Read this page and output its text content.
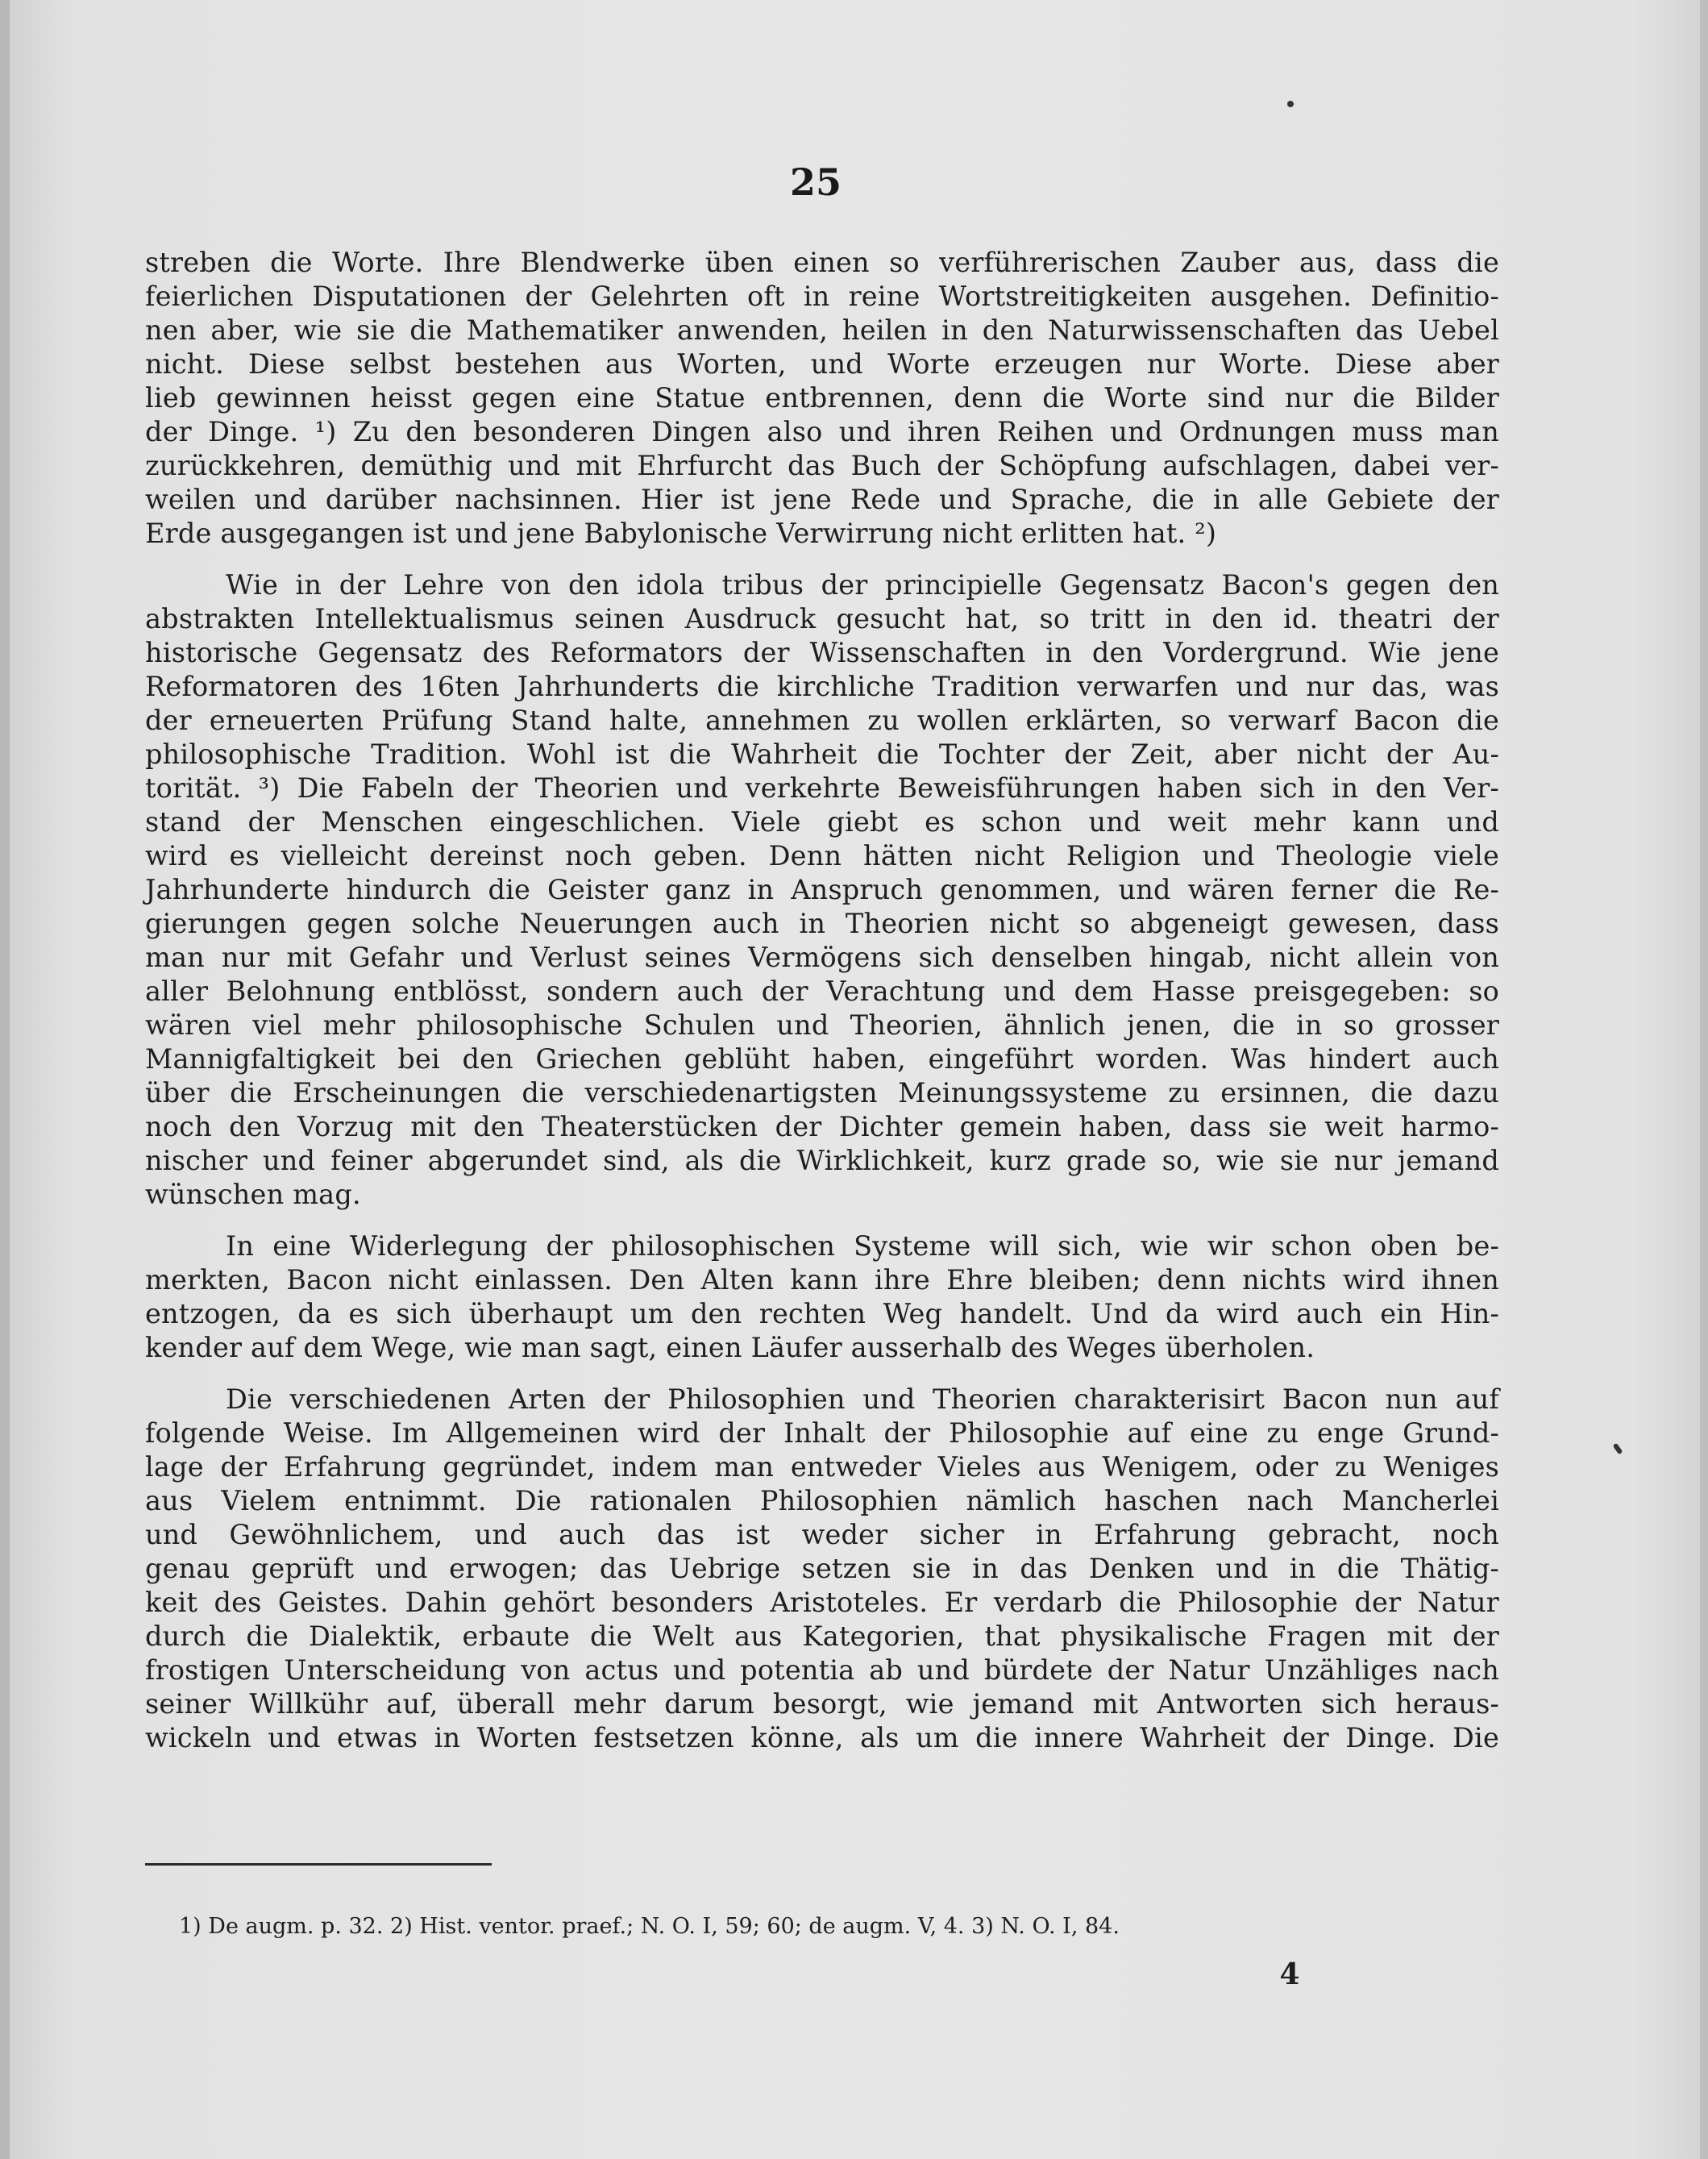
25
streben die Worte. Ihre Blendwerke üben einen so verführerischen Zauber aus, dass die
feierlichen Disputationen der Gelehrten oft in reine Wortstreitigkeiten ausgehen. Definitio-
nen aber, wie sie die Mathematiker anwenden, heilen in den Naturwissenschaften das Uebel
nicht. Diese selbst bestehen aus Worten, und Worte erzeugen nur Worte. Diese aber
lieb gewinnen heisst gegen eine Statue entbrennen, denn die Worte sind nur die Bilder
der Dinge. ¹) Zu den besonderen Dingen also und ihren Reihen und Ordnungen muss man
zurückkehren, demüthig und mit Ehrfurcht das Buch der Schöpfung aufschlagen, dabei ver-
weilen und darüber nachsinnen. Hier ist jene Rede und Sprache, die in alle Gebiete der
Erde ausgegangen ist und jene Babylonische Verwirrung nicht erlitten hat. ²)
Wie in der Lehre von den idola tribus der principielle Gegensatz Bacon's gegen den
abstrakten Intellektualismus seinen Ausdruck gesucht hat, so tritt in den id. theatri der
historische Gegensatz des Reformators der Wissenschaften in den Vordergrund. Wie jene
Reformatoren des 16ten Jahrhunderts die kirchliche Tradition verwarfen und nur das, was
der erneuerten Prüfung Stand halte, annehmen zu wollen erklärten, so verwarf Bacon die
philosophische Tradition. Wohl ist die Wahrheit die Tochter der Zeit, aber nicht der Au-
torität. ³) Die Fabeln der Theorien und verkehrte Beweisführungen haben sich in den Ver-
stand der Menschen eingeschlichen. Viele giebt es schon und weit mehr kann und
wird es vielleicht dereinst noch geben. Denn hätten nicht Religion und Theologie viele
Jahrhunderte hindurch die Geister ganz in Anspruch genommen, und wären ferner die Re-
gierungen gegen solche Neuerungen auch in Theorien nicht so abgeneigt gewesen, dass
man nur mit Gefahr und Verlust seines Vermögens sich denselben hingab, nicht allein von
aller Belohnung entblösst, sondern auch der Verachtung und dem Hasse preisgegeben: so
wären viel mehr philosophische Schulen und Theorien, ähnlich jenen, die in so grosser
Mannigfaltigkeit bei den Griechen geblüht haben, eingeführt worden. Was hindert auch
über die Erscheinungen die verschiedenartigsten Meinungssysteme zu ersinnen, die dazu
noch den Vorzug mit den Theaterstücken der Dichter gemein haben, dass sie weit harmo-
nischer und feiner abgerundet sind, als die Wirklichkeit, kurz grade so, wie sie nur jemand
wünschen mag.
In eine Widerlegung der philosophischen Systeme will sich, wie wir schon oben be-
merkten, Bacon nicht einlassen. Den Alten kann ihre Ehre bleiben; denn nichts wird ihnen
entzogen, da es sich überhaupt um den rechten Weg handelt. Und da wird auch ein Hin-
kender auf dem Wege, wie man sagt, einen Läufer ausserhalb des Weges überholen.
Die verschiedenen Arten der Philosophien und Theorien charakterisirt Bacon nun auf
folgende Weise. Im Allgemeinen wird der Inhalt der Philosophie auf eine zu enge Grund-
lage der Erfahrung gegründet, indem man entweder Vieles aus Wenigem, oder zu Weniges
aus Vielem entnimmt. Die rationalen Philosophien nämlich haschen nach Mancherlei
und Gewöhnlichem, und auch das ist weder sicher in Erfahrung gebracht, noch
genau geprüft und erwogen; das Uebrige setzen sie in das Denken und in die Thätig-
keit des Geistes. Dahin gehört besonders Aristoteles. Er verdarb die Philosophie der Natur
durch die Dialektik, erbaute die Welt aus Kategorien, that physikalische Fragen mit der
frostigen Unterscheidung von actus und potentia ab und bürdete der Natur Unzähliges nach
seiner Willkühr auf, überall mehr darum besorgt, wie jemand mit Antworten sich heraus-
wickeln und etwas in Worten festsetzen könne, als um die innere Wahrheit der Dinge. Die
1) De augm. p. 32. 2) Hist. ventor. praef.; N. O. I, 59; 60; de augm. V, 4. 3) N. O. I, 84.
4
